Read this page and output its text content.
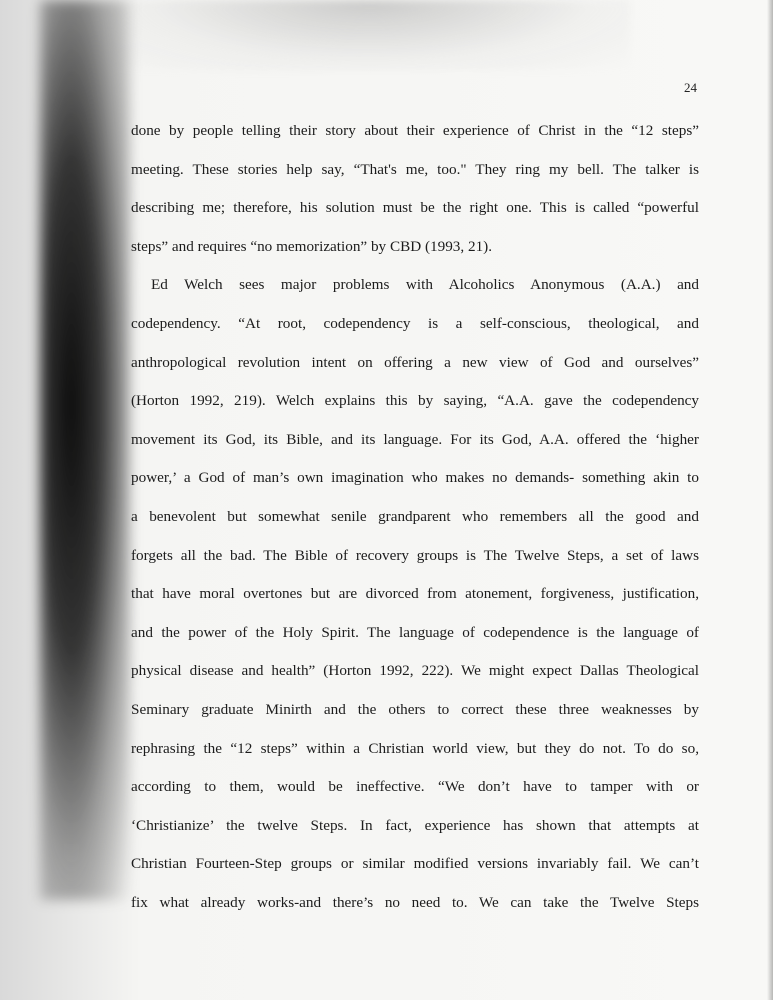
24
done by people telling their story about their experience of Christ in the “12 steps”
meeting. These stories help say, “That's me, too." They ring my bell. The talker is
describing me; therefore, his solution must be the right one. This is called “powerful
steps” and requires “no memorization” by CBD (1993, 21).
Ed Welch sees major problems with Alcoholics Anonymous (A.A.) and
codependency. “At root, codependency is a self-conscious, theological, and
anthropological revolution intent on offering a new view of God and ourselves”
(Horton 1992, 219). Welch explains this by saying, “A.A. gave the codependency
movement its God, its Bible, and its language. For its God, A.A. offered the ‘higher
power,’ a God of man’s own imagination who makes no demands- something akin to
a benevolent but somewhat senile grandparent who remembers all the good and
forgets all the bad. The Bible of recovery groups is The Twelve Steps, a set of laws
that have moral overtones but are divorced from atonement, forgiveness, justification,
and the power of the Holy Spirit. The language of codependence is the language of
physical disease and health” (Horton 1992, 222). We might expect Dallas Theological
Seminary graduate Minirth and the others to correct these three weaknesses by
rephrasing the “12 steps” within a Christian world view, but they do not. To do so,
according to them, would be ineffective. “We don’t have to tamper with or
‘Christianize’ the twelve Steps. In fact, experience has shown that attempts at
Christian Fourteen-Step groups or similar modified versions invariably fail. We can’t
fix what already works-and there’s no need to. We can take the Twelve Steps
